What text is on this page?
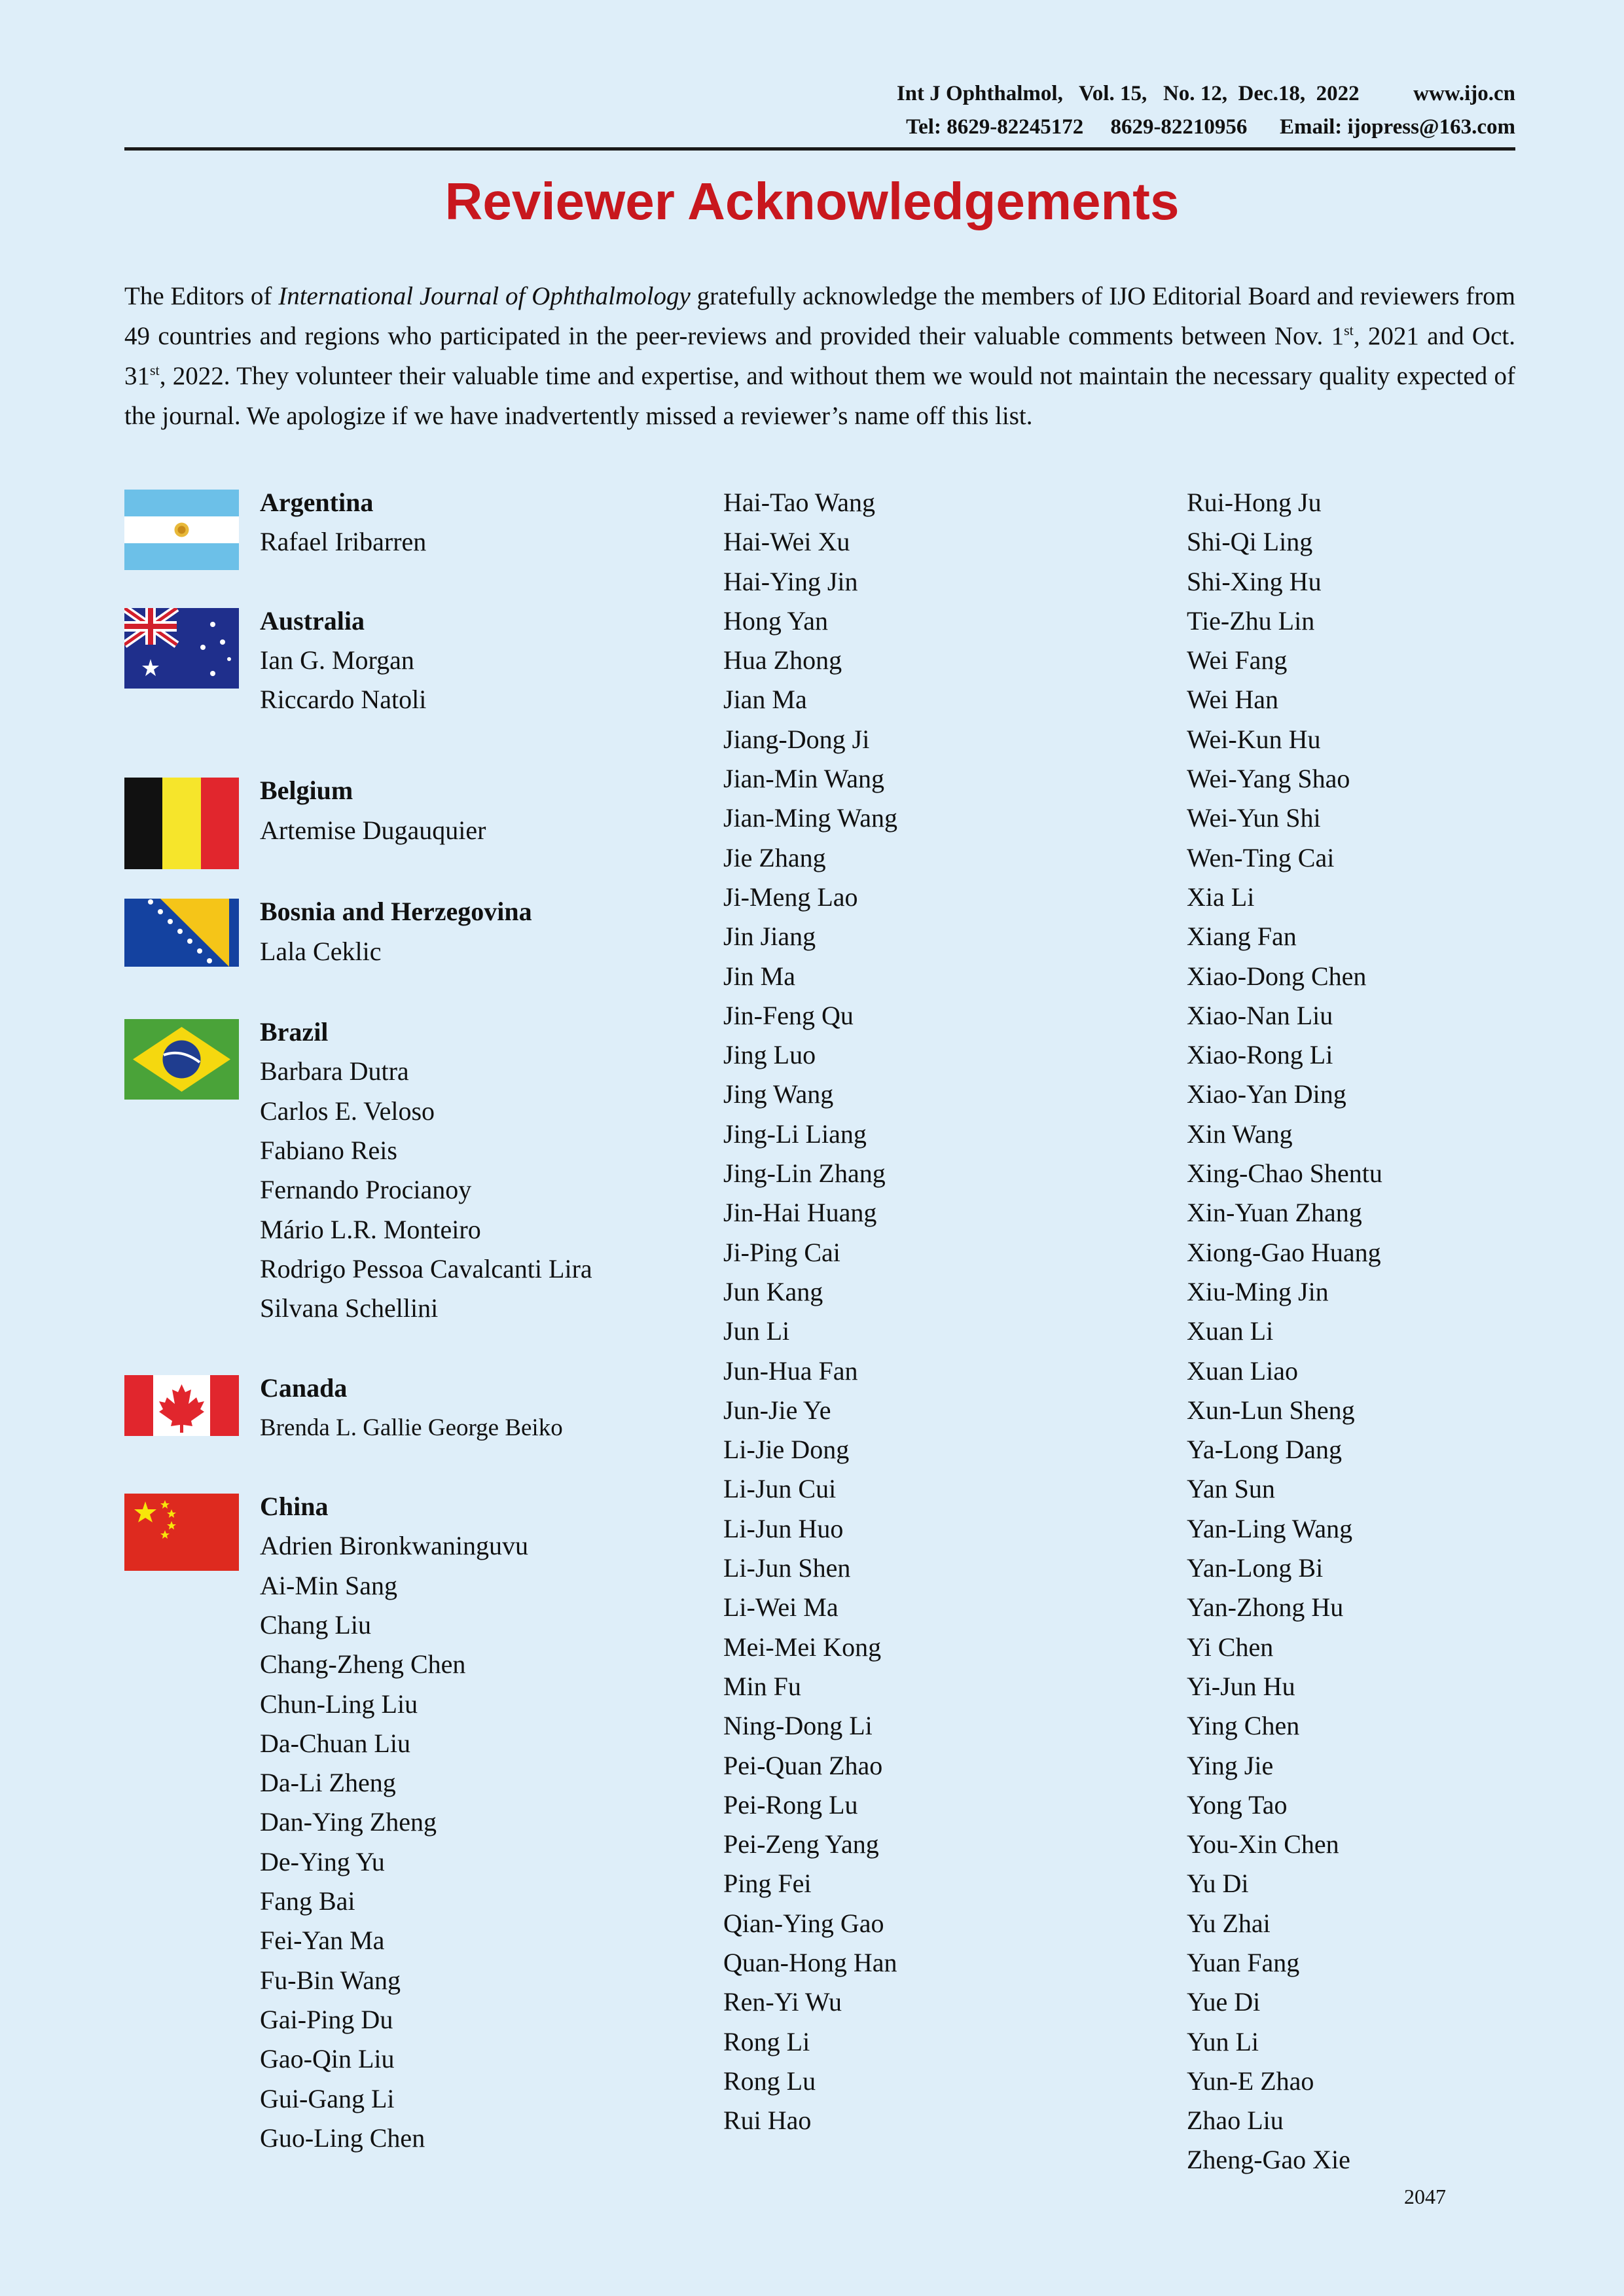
Int J Ophthalmol,   Vol. 15,   No. 12,  Dec.18,  2022	www.ijo.cn
Tel: 8629-82245172     8629-82210956 Email: ijopress@163.com
Reviewer Acknowledgements
The Editors of International Journal of Ophthalmology gratefully acknowledge the members of IJO Editorial Board and reviewers from 49 countries and regions who participated in the peer-reviews and provided their valuable comments between Nov. 1st, 2021 and Oct. 31st, 2022. They volunteer their valuable time and expertise, and without them we would not maintain the necessary quality expected of the journal. We apologize if we have inadvertently missed a reviewer’s name off this list.
Argentina
Rafael Iribarren
Australia
Ian G. Morgan
Riccardo Natoli
Belgium
Artemise Dugauquier
Bosnia and Herzegovina
Lala Ceklic
Brazil
Barbara Dutra
Carlos E. Veloso
Fabiano Reis
Fernando Procianoy
Mário L.R. Monteiro
Rodrigo Pessoa Cavalcanti Lira
Silvana Schellini
Canada
Brenda L. Gallie George Beiko
China
Adrien Bironkwaninguvu
Ai-Min Sang
Chang Liu
Chang-Zheng Chen
Chun-Ling Liu
Da-Chuan Liu
Da-Li Zheng
Dan-Ying Zheng
De-Ying Yu
Fang Bai
Fei-Yan Ma
Fu-Bin Wang
Gai-Ping Du
Gao-Qin Liu
Gui-Gang Li
Guo-Ling Chen
Hai-Tao Wang
Hai-Wei Xu
Hai-Ying Jin
Hong Yan
Hua Zhong
Jian Ma
Jiang-Dong Ji
Jian-Min Wang
Jian-Ming Wang
Jie Zhang
Ji-Meng Lao
Jin Jiang
Jin Ma
Jin-Feng Qu
Jing Luo
Jing Wang
Jing-Li Liang
Jing-Lin Zhang
Jin-Hai Huang
Ji-Ping Cai
Jun Kang
Jun Li
Jun-Hua Fan
Jun-Jie Ye
Li-Jie Dong
Li-Jun Cui
Li-Jun Huo
Li-Jun Shen
Li-Wei Ma
Mei-Mei Kong
Min Fu
Ning-Dong Li
Pei-Quan Zhao
Pei-Rong Lu
Pei-Zeng Yang
Ping Fei
Qian-Ying Gao
Quan-Hong Han
Ren-Yi Wu
Rong Li
Rong Lu
Rui Hao
Rui-Hong Ju
Shi-Qi Ling
Shi-Xing Hu
Tie-Zhu Lin
Wei Fang
Wei Han
Wei-Kun Hu
Wei-Yang Shao
Wei-Yun Shi
Wen-Ting Cai
Xia Li
Xiang Fan
Xiao-Dong Chen
Xiao-Nan Liu
Xiao-Rong Li
Xiao-Yan Ding
Xin Wang
Xing-Chao Shentu
Xin-Yuan Zhang
Xiong-Gao Huang
Xiu-Ming Jin
Xuan Li
Xuan Liao
Xun-Lun Sheng
Ya-Long Dang
Yan Sun
Yan-Ling Wang
Yan-Long Bi
Yan-Zhong Hu
Yi Chen
Yi-Jun Hu
Ying Chen
Ying Jie
Yong Tao
You-Xin Chen
Yu Di
Yu Zhai
Yuan Fang
Yue Di
Yun Li
Yun-E Zhao
Zhao Liu
Zheng-Gao Xie
2047
